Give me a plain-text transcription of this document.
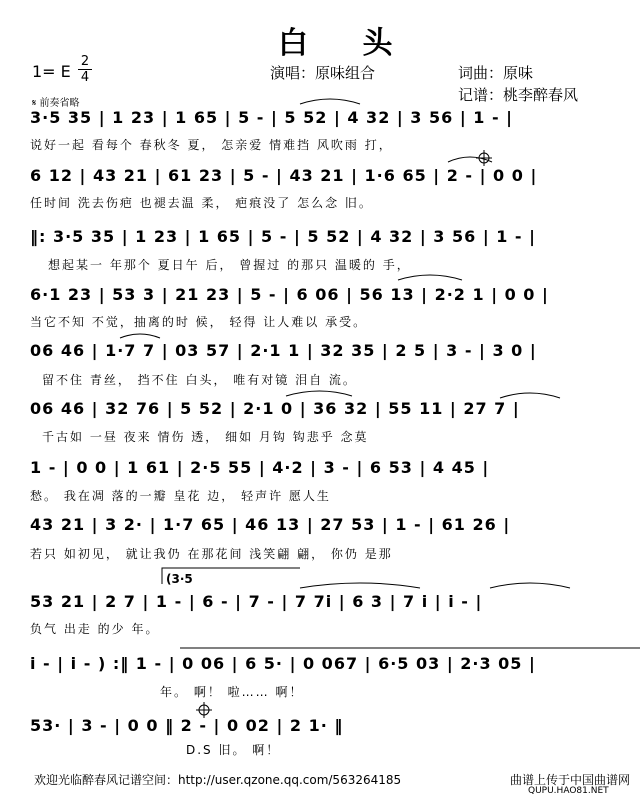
白 头
1= E
2
4	演唱：原味组合	词曲：原味
记谱：桃李醉春风
𝄋 前奏省略
3·5 35 | 1 23 | 1 65 | 5 - | 5 52 | 4 32 | 3 56 | 1 - |
说好一起 看每个 春秋冬 夏， 怎亲爱 情难挡 风吹雨 打，
6 12 | 43 21 | 61 23 | 5 - | 43 21 | 1·6 65 | 2 - | 0 0 |
任时间 洗去伤疤 也褪去温 柔， 疤痕没了 怎么念 旧。
‖: 3·5 35 | 1 23 | 1 65 | 5 - | 5 52 | 4 32 | 3 56 | 1 - |
想起某一 年那个 夏日午 后， 曾握过 的那只 温暖的 手，
6·1 23 | 53 3 | 21 23 | 5 - | 6 06 | 56 13 | 2·2 1 | 0 0 |
当它不知 不觉，抽离的时 候， 轻得 让人难以 承受。
06 46 | 1·7 7 | 03 57 | 2·1 1 | 32 35 | 2 5 | 3 - | 3 0 |
留不住 青丝， 挡不住 白头， 唯有对镜 泪自 流。
06 46 | 32 76 | 5 52 | 2·1 0 | 36 32 | 55 11 | 27 7 |
千古如 一昼 夜来 情伤 透， 细如 月钩 钩悲乎 念莫
1 - | 0 0 | 1 61 | 2·5 55 | 4·2 | 3 - | 6 53 | 4 45 |
愁。 我在凋 落的一瓣 皇花 边， 轻声许 愿人生
43 21 | 3 2· | 1·7 65 | 46 13 | 27 53 | 1 - | 61 26 |
若只 如初见， 就让我仍 在那花间 浅笑翩 翩， 你仍 是那
(3·5
53 21 | 2 7 | 1 - | 6 - | 7 - | 7 7i | 6 3 | 7 i | i - |
负气 出走 的少 年。
i - | i - ) :‖ 1 - | 0 06 | 6 5· | 0 067 | 6·5 03 | 2·3 05 |
年。 啊！ 啦…… 啊！
53· | 3 - | 0 0 ‖ 2 - | 0 02 | 2 1· ‖
D.S 旧。 啊！
欢迎光临醉春风记谱空间：http://user.qzone.qq.com/563264185	曲谱上传于中国曲谱网
QUPU.HAO81.NET
